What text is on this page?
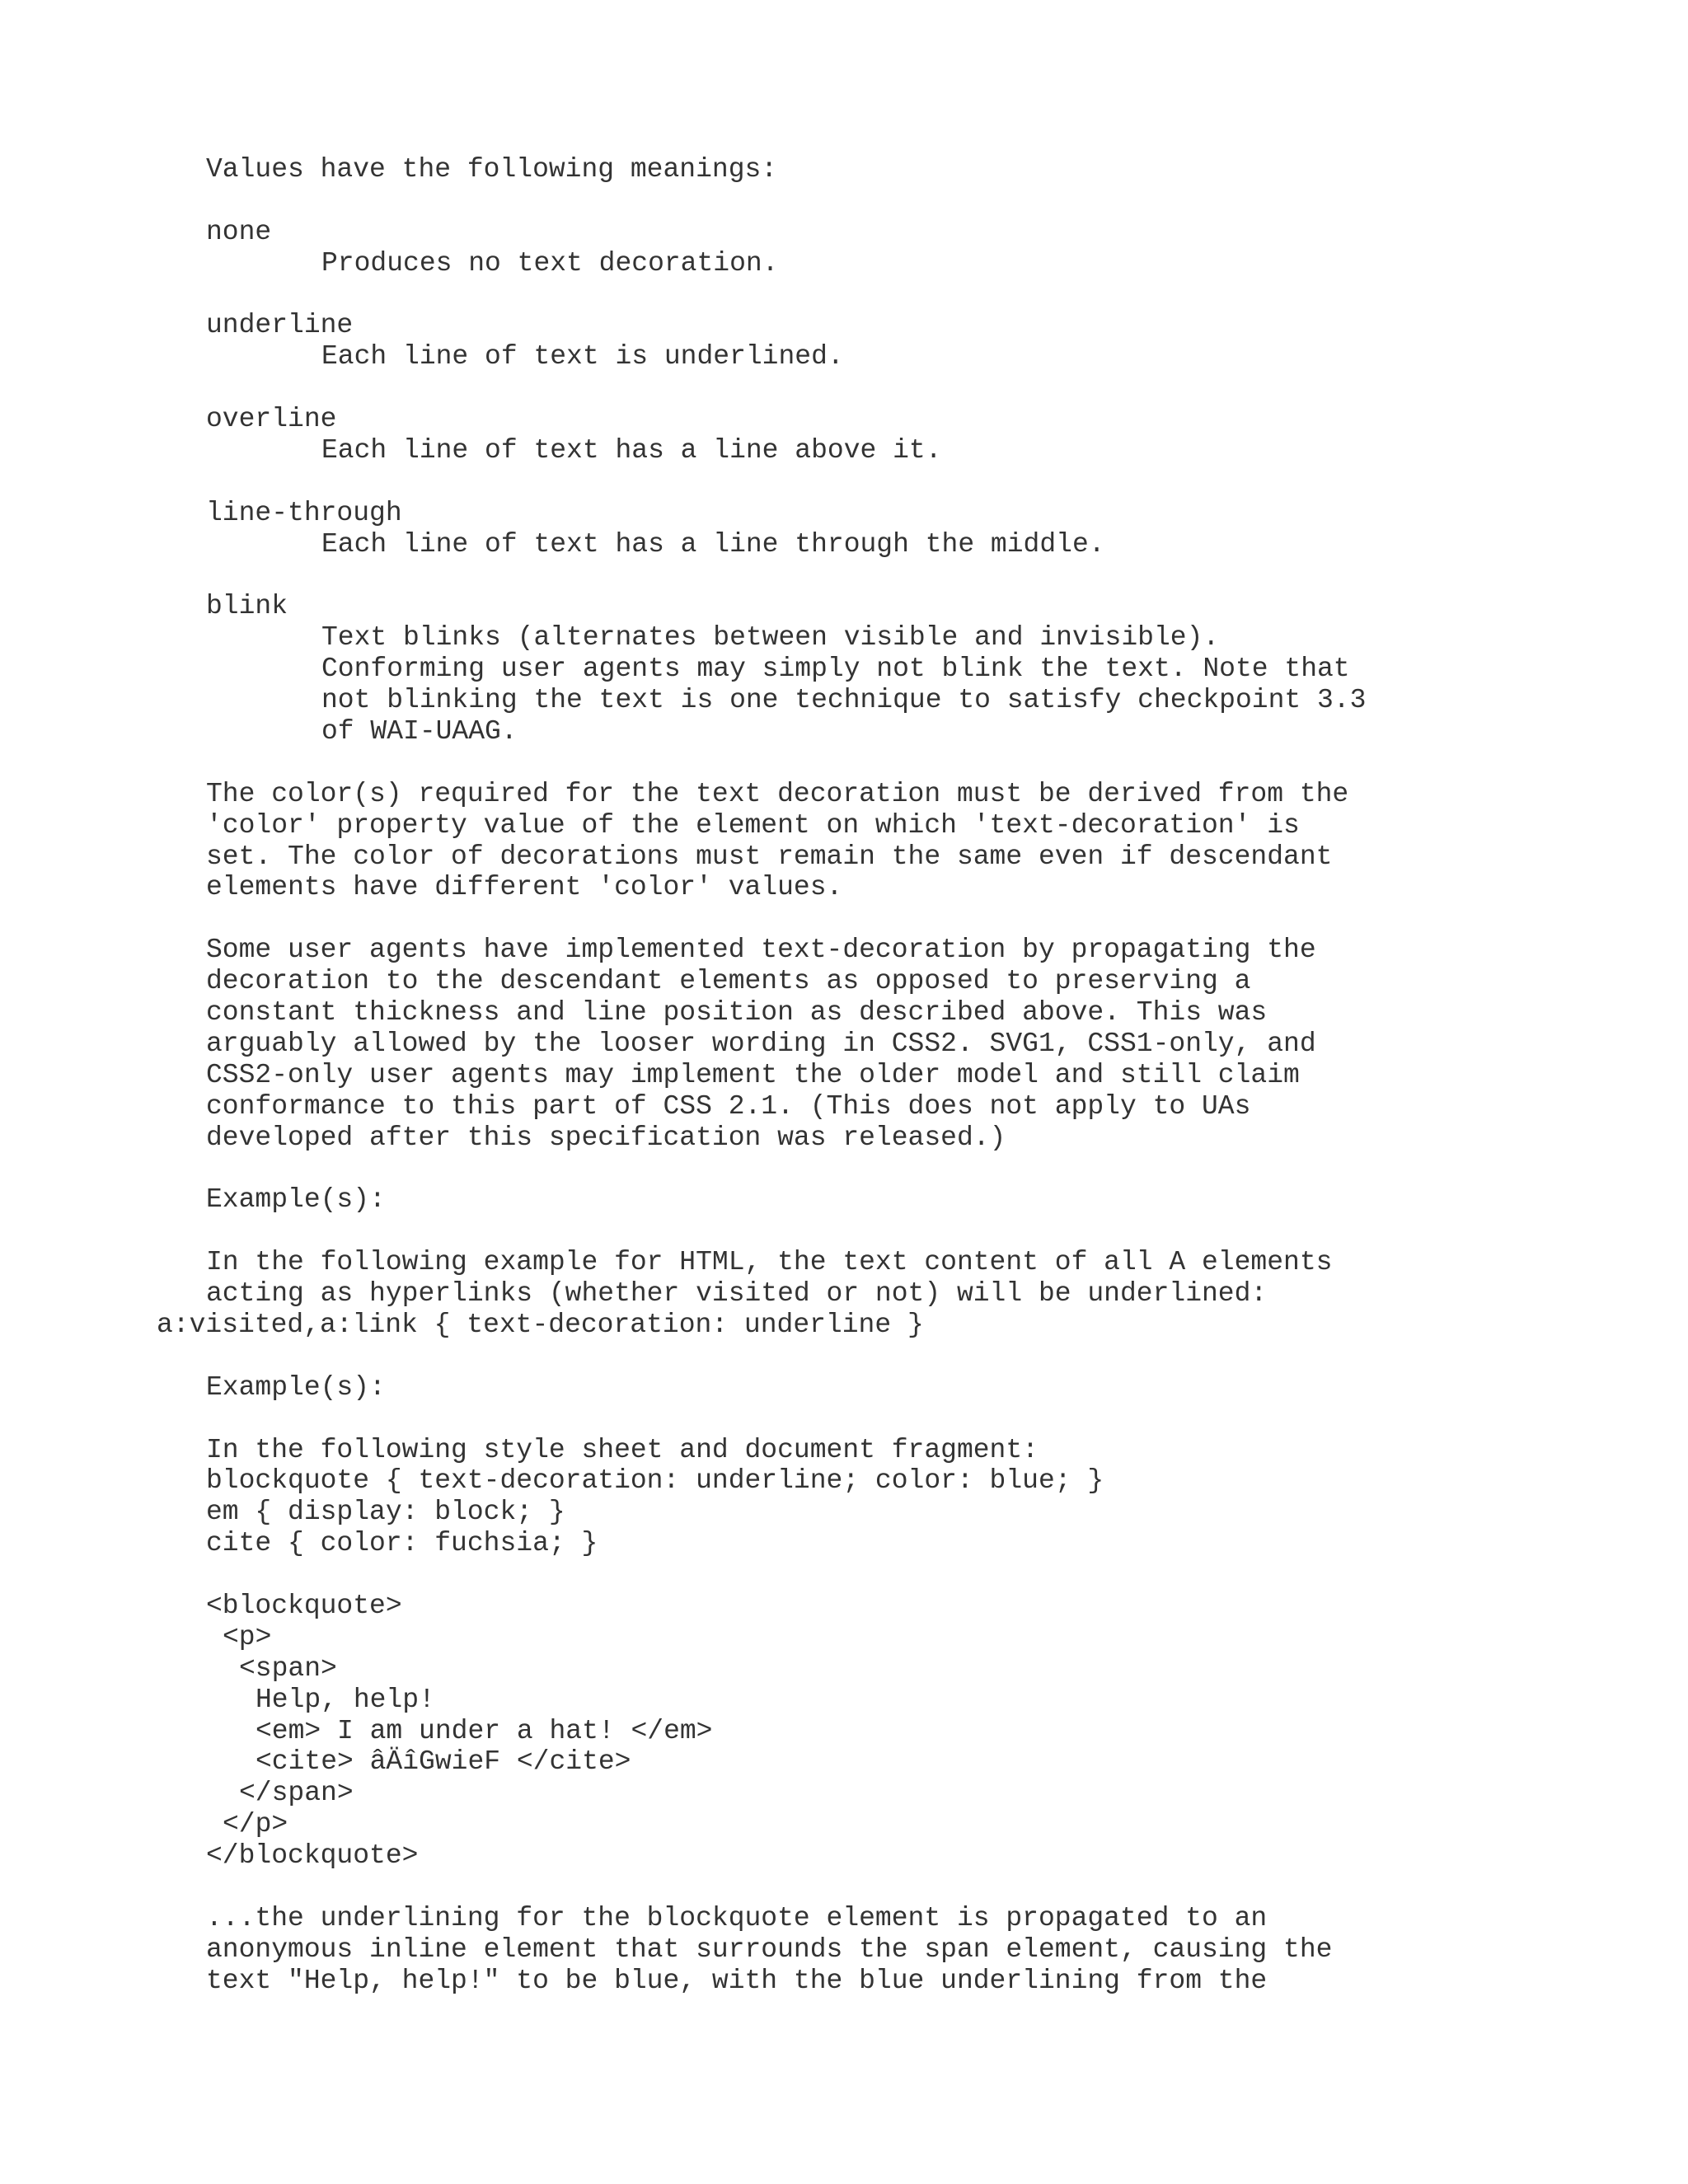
Values have the following meanings:
none
Produces no text decoration.
underline
Each line of text is underlined.
overline
Each line of text has a line above it.
line-through
Each line of text has a line through the middle.
blink
Text blinks (alternates between visible and invisible).
Conforming user agents may simply not blink the text. Note that
not blinking the text is one technique to satisfy checkpoint 3.3
of WAI-UAAG.
The color(s) required for the text decoration must be derived from the
'color' property value of the element on which 'text-decoration' is
set. The color of decorations must remain the same even if descendant
elements have different 'color' values.
Some user agents have implemented text-decoration by propagating the
decoration to the descendant elements as opposed to preserving a
constant thickness and line position as described above. This was
arguably allowed by the looser wording in CSS2. SVG1, CSS1-only, and
CSS2-only user agents may implement the older model and still claim
conformance to this part of CSS 2.1. (This does not apply to UAs
developed after this specification was released.)
Example(s):
In the following example for HTML, the text content of all A elements
acting as hyperlinks (whether visited or not) will be underlined:
a:visited,a:link { text-decoration: underline }
Example(s):
In the following style sheet and document fragment:
blockquote { text-decoration: underline; color: blue; }
em { display: block; }
cite { color: fuchsia; }
<blockquote>
<p>
<span>
Help, help!
<em> I am under a hat! </em>
<cite> âÄîGwieF </cite>
</span>
</p>
</blockquote>
...the underlining for the blockquote element is propagated to an
anonymous inline element that surrounds the span element, causing the
text "Help, help!" to be blue, with the blue underlining from the
